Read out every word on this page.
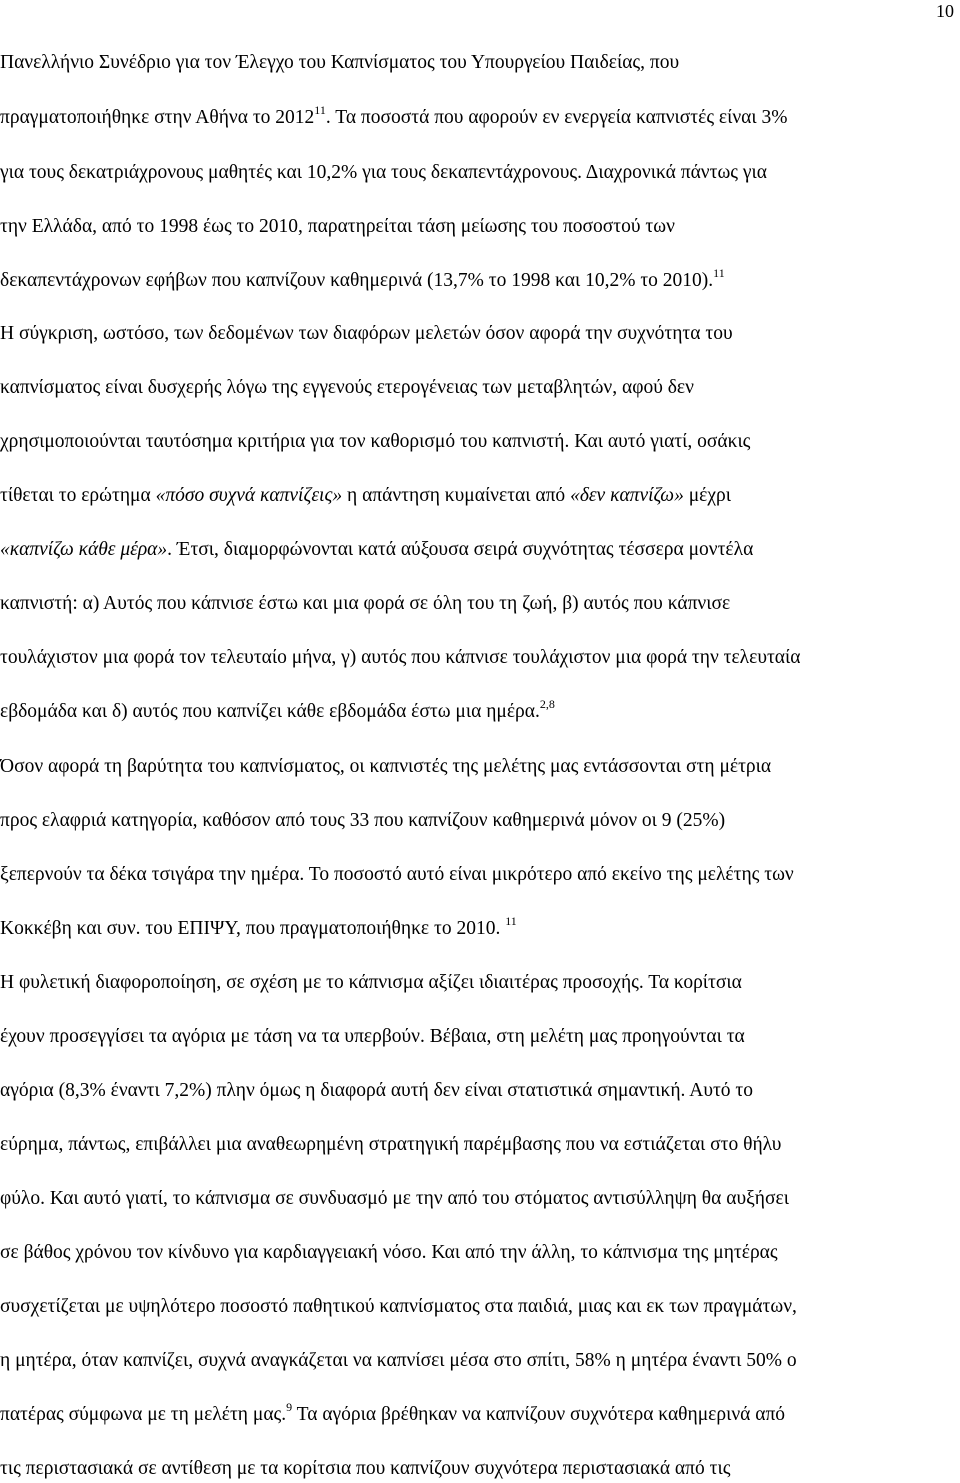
10
Πανελλήνιο Συνέδριο για τον Έλεγχο του Καπνίσματος του Υπουργείου Παιδείας, που
πραγματοποιήθηκε στην Αθήνα το 2012$^{11}$. Τα ποσοστά που αφορούν εν ενεργεία καπνιστές είναι 3%
για τους δεκατριάχρονους μαθητές και 10,2% για τους δεκαπεντάχρονους. Διαχρονικά πάντως για
την Ελλάδα, από το 1998 έως το 2010, παρατηρείται τάση μείωσης του ποσοστού των
δεκαπεντάχρονων εφήβων που καπνίζουν καθημερινά (13,7% το 1998 και 10,2% το 2010).$^{11}$
Η σύγκριση, ωστόσο, των δεδομένων των διαφόρων μελετών όσον αφορά την συχνότητα του
καπνίσματος είναι δυσχερής λόγω της εγγενούς ετερογένειας των μεταβλητών, αφού δεν
χρησιμοποιούνται ταυτόσημα κριτήρια για τον καθορισμό του καπνιστή. Και αυτό γιατί, οσάκις
τίθεται το ερώτημα «πόσο συχνά καπνίζεις» η απάντηση κυμαίνεται από «δεν καπνίζω» μέχρι
«καπνίζω κάθε μέρα». Έτσι, διαμορφώνονται κατά αύξουσα σειρά συχνότητας τέσσερα μοντέλα
καπνιστή: α) Αυτός που κάπνισε έστω και μια φορά σε όλη του τη ζωή, β) αυτός που κάπνισε
τουλάχιστον μια φορά τον τελευταίο μήνα, γ) αυτός που κάπνισε τουλάχιστον μια φορά την τελευταία
εβδομάδα και δ) αυτός που καπνίζει κάθε εβδομάδα έστω μια ημέρα.$^{2,8}$
Όσον αφορά τη βαρύτητα του καπνίσματος, οι καπνιστές της μελέτης μας εντάσσονται στη μέτρια
προς ελαφριά κατηγορία, καθόσον από τους 33 που καπνίζουν καθημερινά μόνον οι 9 (25%)
ξεπερνούν τα δέκα τσιγάρα την ημέρα. Το ποσοστό αυτό είναι μικρότερο από εκείνο της μελέτης των
Κοκκέβη και συν. του ΕΠΙΨΥ, που πραγματοποιήθηκε το 2010. $^{11}$
Η φυλετική διαφοροποίηση, σε σχέση με το κάπνισμα αξίζει ιδιαιτέρας προσοχής. Τα κορίτσια
έχουν προσεγγίσει τα αγόρια με τάση να τα υπερβούν. Βέβαια, στη μελέτη μας προηγούνται τα
αγόρια (8,3% έναντι 7,2%) πλην όμως η διαφορά αυτή δεν είναι στατιστικά σημαντική. Αυτό το
εύρημα, πάντως, επιβάλλει μια αναθεωρημένη στρατηγική παρέμβασης που να εστιάζεται στο θήλυ
φύλο. Και αυτό γιατί, το κάπνισμα σε συνδυασμό με την από του στόματος αντισύλληψη θα αυξήσει
σε βάθος χρόνου τον κίνδυνο για καρδιαγγειακή νόσο. Και από την άλλη, το κάπνισμα της μητέρας
συσχετίζεται με υψηλότερο ποσοστό παθητικού καπνίσματος στα παιδιά, μιας και εκ των πραγμάτων,
η μητέρα, όταν καπνίζει, συχνά αναγκάζεται να καπνίσει μέσα στο σπίτι, 58% η μητέρα έναντι 50% ο
πατέρας σύμφωνα με τη μελέτη μας.$^9$ Τα αγόρια βρέθηκαν να καπνίζουν συχνότερα καθημερινά από
τις περιστασιακά σε αντίθεση με τα κορίτσια που καπνίζουν συχνότερα περιστασιακά από τις
